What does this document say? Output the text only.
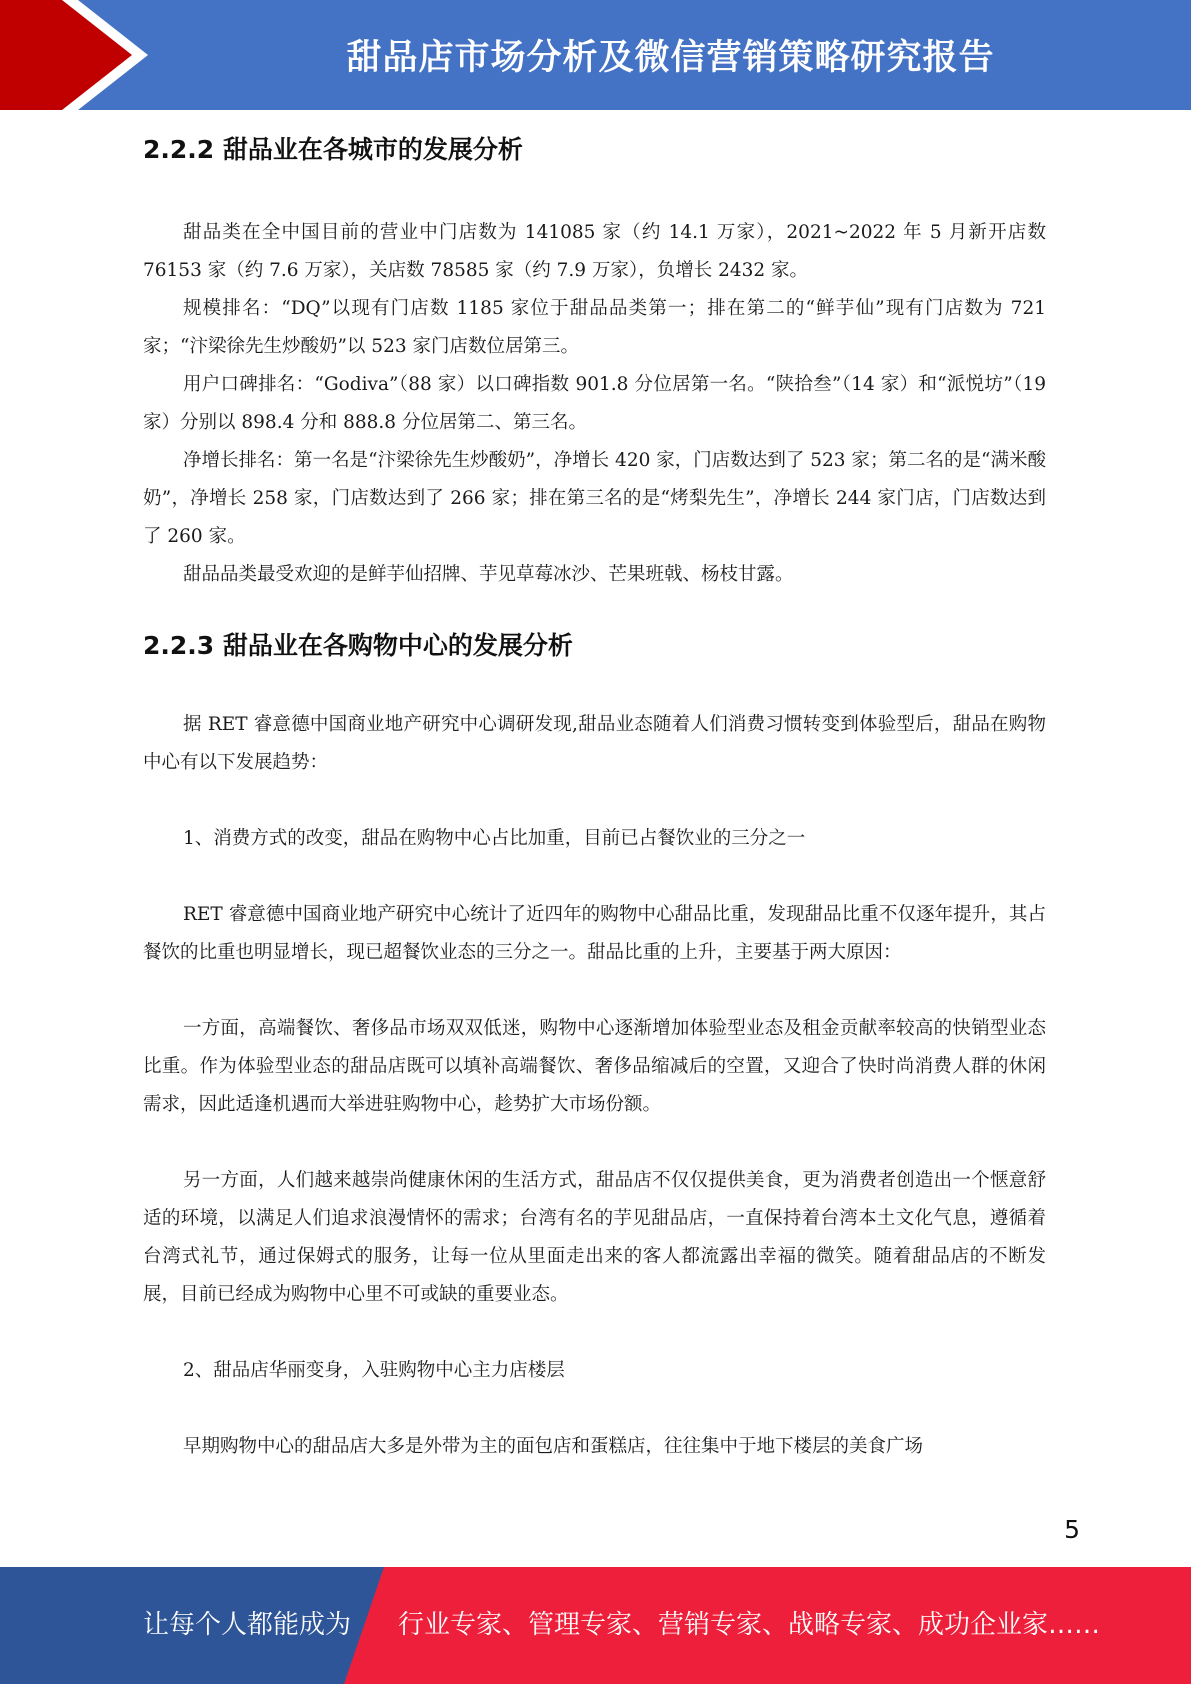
甜品店市场分析及微信营销策略研究报告
2.2.2 甜品业在各城市的发展分析

甜品类在全中国目前的营业中门店数为 141085 家（约 14.1 万家），2021~2022 年 5 月新开店数 76153 家（约 7.6 万家），关店数 78585 家（约 7.9 万家），负增长 2432 家。

规模排名：“DQ”以现有门店数 1185 家位于甜品品类第一；排在第二的“鲜芋仙”现有门店数为 721 家；“汴梁徐先生炒酸奶”以 523 家门店数位居第三。

用户口碑排名：“Godiva”（88 家）以口碑指数 901.8 分位居第一名。“陕拾叁”（14 家）和“派悦坊”（19 家）分别以 898.4 分和 888.8 分位居第二、第三名。

净增长排名：第一名是“汴梁徐先生炒酸奶”，净增长 420 家，门店数达到了 523 家；第二名的是“满米酸奶”，净增长 258 家，门店数达到了 266 家；排在第三名的是“烤梨先生”，净增长 244 家门店，门店数达到了 260 家。

甜品品类最受欢迎的是鲜芋仙招牌、芋见草莓冰沙、芒果班戟、杨枝甘露。

2.2.3 甜品业在各购物中心的发展分析

据 RET 睿意德中国商业地产研究中心调研发现,甜品业态随着人们消费习惯转变到体验型后，甜品在购物中心有以下发展趋势：

1、消费方式的改变，甜品在购物中心占比加重，目前已占餐饮业的三分之一

RET 睿意德中国商业地产研究中心统计了近四年的购物中心甜品比重，发现甜品比重不仅逐年提升，其占餐饮的比重也明显增长，现已超餐饮业态的三分之一。甜品比重的上升，主要基于两大原因：

一方面，高端餐饮、奢侈品市场双双低迷，购物中心逐渐增加体验型业态及租金贡献率较高的快销型业态比重。作为体验型业态的甜品店既可以填补高端餐饮、奢侈品缩减后的空置，又迎合了快时尚消费人群的休闲需求，因此适逢机遇而大举进驻购物中心，趁势扩大市场份额。

另一方面，人们越来越崇尚健康休闲的生活方式，甜品店不仅仅提供美食，更为消费者创造出一个惬意舒适的环境，以满足人们追求浪漫情怀的需求；台湾有名的芋见甜品店，一直保持着台湾本土文化气息，遵循着台湾式礼节，通过保姆式的服务，让每一位从里面走出来的客人都流露出幸福的微笑。随着甜品店的不断发展，目前已经成为购物中心里不可或缺的重要业态。

2、甜品店华丽变身，入驻购物中心主力店楼层

早期购物中心的甜品店大多是外带为主的面包店和蛋糕店，往往集中于地下楼层的美食广场

5
让每个人都能成为 行业专家、管理专家、营销专家、战略专家、成功企业家……
